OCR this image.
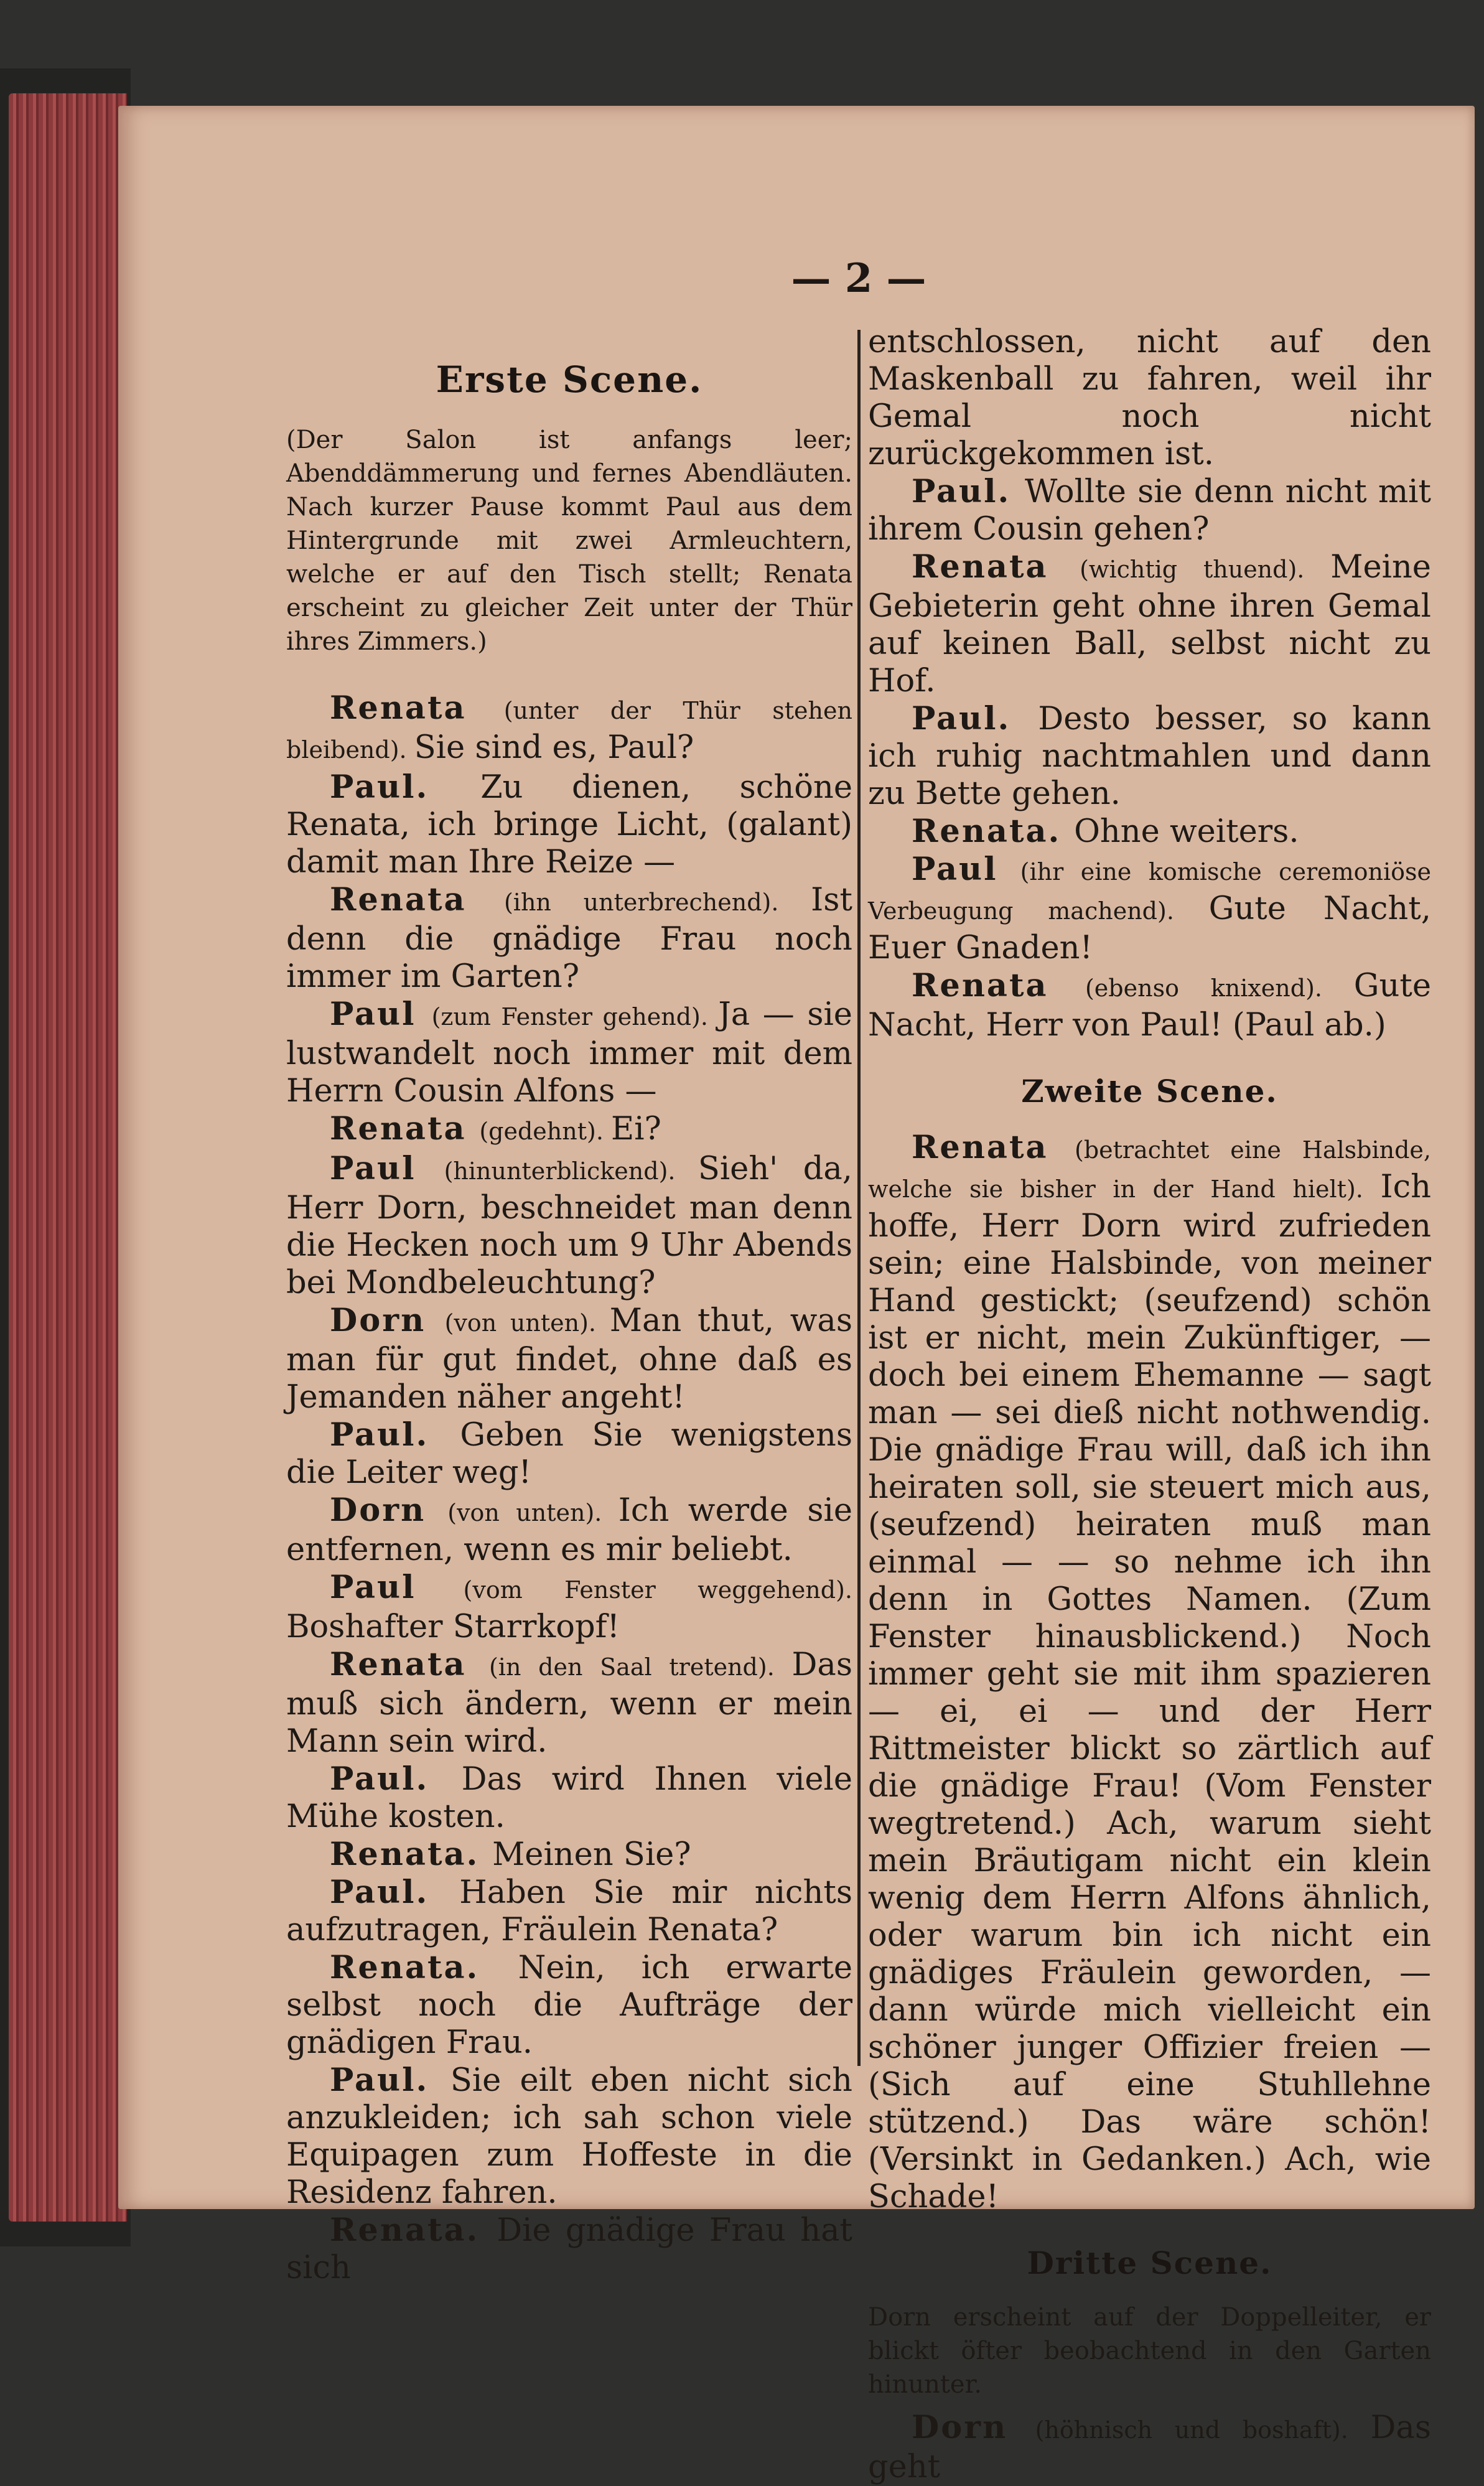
— 2 —
Erste Scene.

(Der Salon ist anfangs leer; Abenddämmerung und fernes Abendläuten. Nach kurzer Pause kommt Paul aus dem Hintergrunde mit zwei Armleuchtern, welche er auf den Tisch stellt; Renata erscheint zu gleicher Zeit unter der Thür ihres Zimmers.)

Renata (unter der Thür stehen bleibend). Sie sind es, Paul?

Paul. Zu dienen, schöne Renata, ich bringe Licht, (galant) damit man Ihre Reize —

Renata (ihn unterbrechend). Ist denn die gnädige Frau noch immer im Garten?

Paul (zum Fenster gehend). Ja — sie lustwandelt noch immer mit dem Herrn Cousin Alfons —

Renata (gedehnt). Ei?

Paul (hinunterblickend). Sieh' da, Herr Dorn, beschneidet man denn die Hecken noch um 9 Uhr Abends bei Mondbeleuchtung?

Dorn (von unten). Man thut, was man für gut findet, ohne daß es Jemanden näher angeht!

Paul. Geben Sie wenigstens die Leiter weg!

Dorn (von unten). Ich werde sie entfernen, wenn es mir beliebt.

Paul (vom Fenster weggehend). Boshafter Starrkopf!

Renata (in den Saal tretend). Das muß sich ändern, wenn er mein Mann sein wird.

Paul. Das wird Ihnen viele Mühe kosten.

Renata. Meinen Sie?

Paul. Haben Sie mir nichts aufzutragen, Fräulein Renata?

Renata. Nein, ich erwarte selbst noch die Aufträge der gnädigen Frau.

Paul. Sie eilt eben nicht sich anzukleiden; ich sah schon viele Equipagen zum Hoffeste in die Residenz fahren.

Renata. Die gnädige Frau hat sich

entschlossen, nicht auf den Maskenball zu fahren, weil ihr Gemal noch nicht zurückgekommen ist.

Paul. Wollte sie denn nicht mit ihrem Cousin gehen?

Renata (wichtig thuend). Meine Gebieterin geht ohne ihren Gemal auf keinen Ball, selbst nicht zu Hof.

Paul. Desto besser, so kann ich ruhig nachtmahlen und dann zu Bette gehen.

Renata. Ohne weiters.

Paul (ihr eine komische ceremoniöse Verbeugung machend). Gute Nacht, Euer Gnaden!

Renata (ebenso knixend). Gute Nacht, Herr von Paul! (Paul ab.)

Zweite Scene.

Renata (betrachtet eine Halsbinde, welche sie bisher in der Hand hielt). Ich hoffe, Herr Dorn wird zufrieden sein; eine Halsbinde, von meiner Hand gestickt; (seufzend) schön ist er nicht, mein Zukünftiger, — doch bei einem Ehemanne — sagt man — sei dieß nicht nothwendig. Die gnädige Frau will, daß ich ihn heiraten soll, sie steuert mich aus, (seufzend) heiraten muß man einmal — — so nehme ich ihn denn in Gottes Namen. (Zum Fenster hinausblickend.) Noch immer geht sie mit ihm spazieren — ei, ei — und der Herr Rittmeister blickt so zärtlich auf die gnädige Frau! (Vom Fenster wegtretend.) Ach, warum sieht mein Bräutigam nicht ein klein wenig dem Herrn Alfons ähnlich, oder warum bin ich nicht ein gnädiges Fräulein geworden, — dann würde mich vielleicht ein schöner junger Offizier freien — (Sich auf eine Stuhllehne stützend.) Das wäre schön! (Versinkt in Gedanken.) Ach, wie Schade!

Dritte Scene.

Dorn erscheint auf der Doppelleiter, er blickt öfter beobachtend in den Garten hinunter.

Dorn (höhnisch und boshaft). Das geht
